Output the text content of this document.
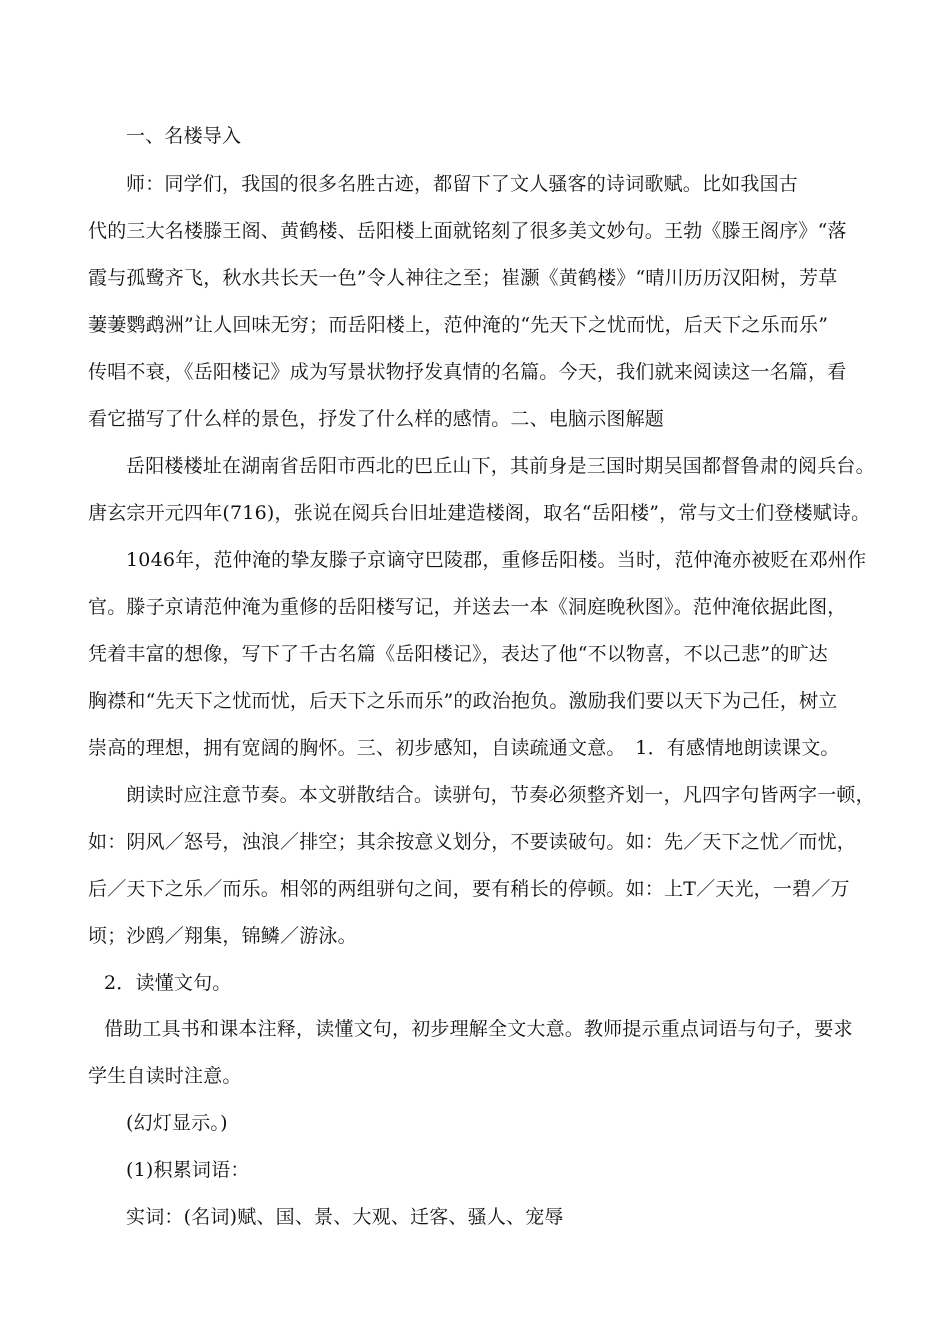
一、名楼导入
师：同学们，我国的很多名胜古迹，都留下了文人骚客的诗词歌赋。比如我国古
代的三大名楼滕王阁、黄鹤楼、岳阳楼上面就铭刻了很多美文妙句。王勃《滕王阁序》“落
霞与孤鹭齐飞，秋水共长天一色”令人神往之至；崔灏《黄鹤楼》“晴川历历汉阳树，芳草
萋萋鹦鹉洲”让人回味无穷；而岳阳楼上，范仲淹的“先天下之忧而忧，后天下之乐而乐”
传唱不衰，《岳阳楼记》成为写景状物抒发真情的名篇。今天，我们就来阅读这一名篇，看
看它描写了什么样的景色，抒发了什么样的感情。二、电脑示图解题
岳阳楼楼址在湖南省岳阳市西北的巴丘山下，其前身是三国时期吴国都督鲁肃的阅兵台。
唐玄宗开元四年(716)，张说在阅兵台旧址建造楼阁，取名“岳阳楼”，常与文士们登楼赋诗。
1046年，范仲淹的挚友滕子京谪守巴陵郡，重修岳阳楼。当时，范仲淹亦被贬在邓州作
官。滕子京请范仲淹为重修的岳阳楼写记，并送去一本《洞庭晚秋图》。范仲淹依据此图，
凭着丰富的想像，写下了千古名篇《岳阳楼记》，表达了他“不以物喜，不以己悲”的旷达
胸襟和“先天下之忧而忧，后天下之乐而乐”的政治抱负。激励我们要以天下为己任，树立
崇高的理想，拥有宽阔的胸怀。三、初步感知，自读疏通文意。　1．有感情地朗读课文。
朗读时应注意节奏。本文骈散结合。读骈句，节奏必须整齐划一，凡四字句皆两字一顿，
如：阴风／怒号，浊浪／排空；其余按意义划分，不要读破句。如：先／天下之忧／而忧，
后／天下之乐／而乐。相邻的两组骈句之间，要有稍长的停顿。如：上T／天光，一碧／万
顷；沙鸥／翔集，锦鳞／游泳。
2．读懂文句。
借助工具书和课本注释，读懂文句，初步理解全文大意。教师提示重点词语与句子，要求
学生自读时注意。
(幻灯显示。)
(1)积累词语：
实词：(名词)赋、国、景、大观、迁客、骚人、宠辱
